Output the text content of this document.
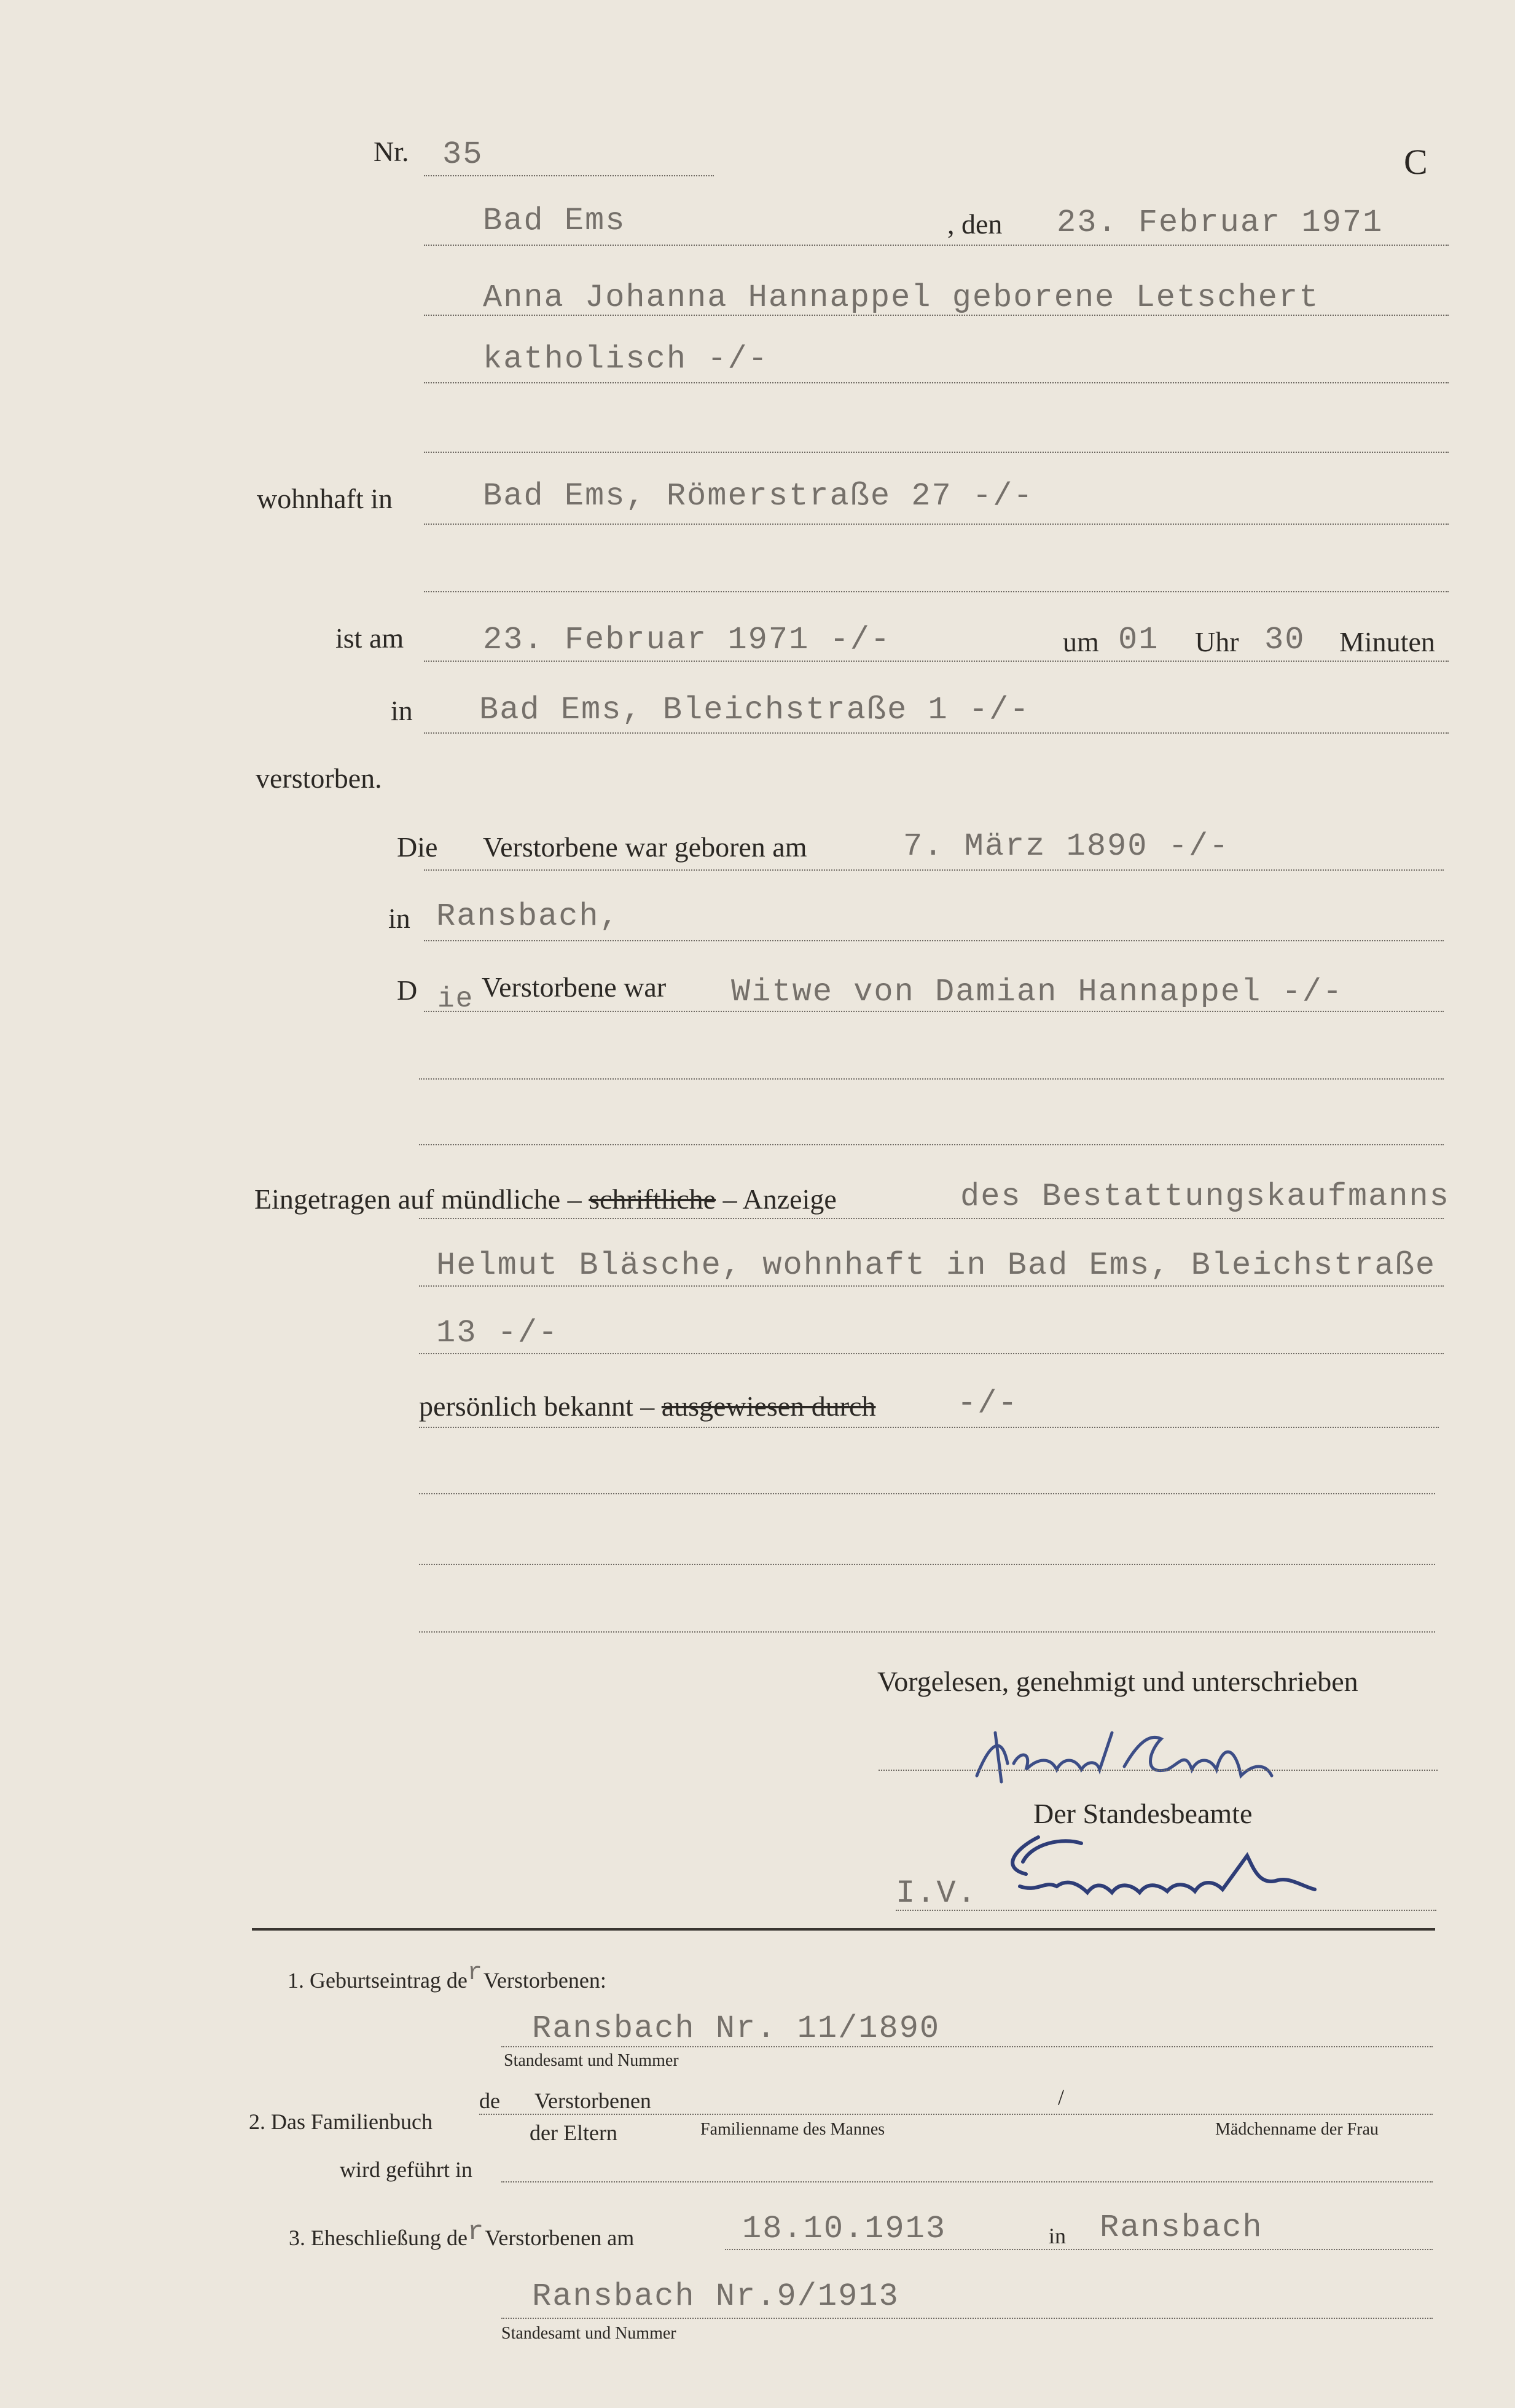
Nr. 35	C
Bad Ems	, den 23. Februar 1971
Anna Johanna Hannappel geborene Letschert
katholisch -/-
wohnhaft in	Bad Ems, Römerstraße 27 -/-
ist am 23. Februar 1971 -/-	um 01 Uhr 30 Minuten
in Bad Ems, Bleichstraße 1 -/-
verstorben.
Die Verstorbene war geboren am	7. März 1890 -/-
in Ransbach,
D ie Verstorbene war Witwe von Damian Hannappel -/-
Eingetragen auf mündliche – schriftliche – Anzeige	des Bestattungskaufmanns
Helmut Bläsche, wohnhaft in Bad Ems, Bleichstraße
13 -/-
persönlich bekannt – ausgewiesen durch	-/-
Vorgelesen, genehmigt und unterschrieben
Der Standesbeamte
I.V.
1. Geburtseintrag derVerstorbenen:
Ransbach Nr. 11/1890
Standesamt und Nummer
2. Das Familienbuch
de Verstorbenen	/
der Eltern	Familienname des Mannes	Mädchenname der Frau
wird geführt in
3. Eheschließung derVerstorbenen am	18.10.1913	in Ransbach
Ransbach Nr.9/1913
Standesamt und Nummer
